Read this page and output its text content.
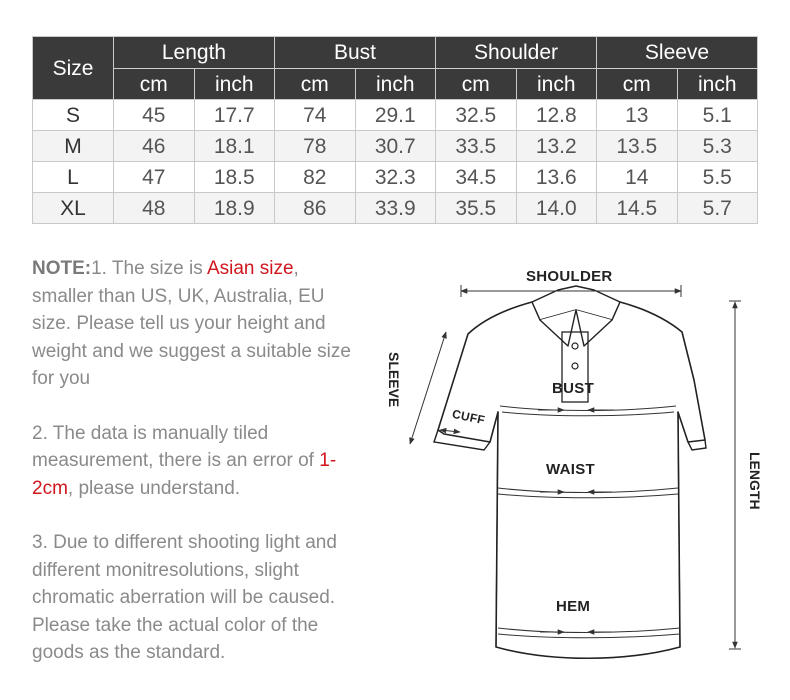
Size	Length		Bust		Shoulder		Sleeve	
	cm	inch	cm	inch	cm	inch	cm	inch
S	45	17.7	74	29.1	32.5	12.8	13	5.1
M	46	18.1	78	30.7	33.5	13.2	13.5	5.3
L	47	18.5	82	32.3	34.5	13.6	14	5.5
XL	48	18.9	86	33.9	35.5	14.0	14.5	5.7

NOTE:1. The size is Asian size, smaller than US, UK, Australia, EU size. Please tell us your height and weight and we suggest a suitable size for you

2. The data is manually tiled measurement, there is an error of 1-2cm, please understand.

3. Due to different shooting light and different monitresolutions, slight chromatic aberration will be caused. Please take the actual color of the goods as the standard.

SHOULDER
SLEEVE
CUFF
BUST
WAIST
HEM
LENGTH
